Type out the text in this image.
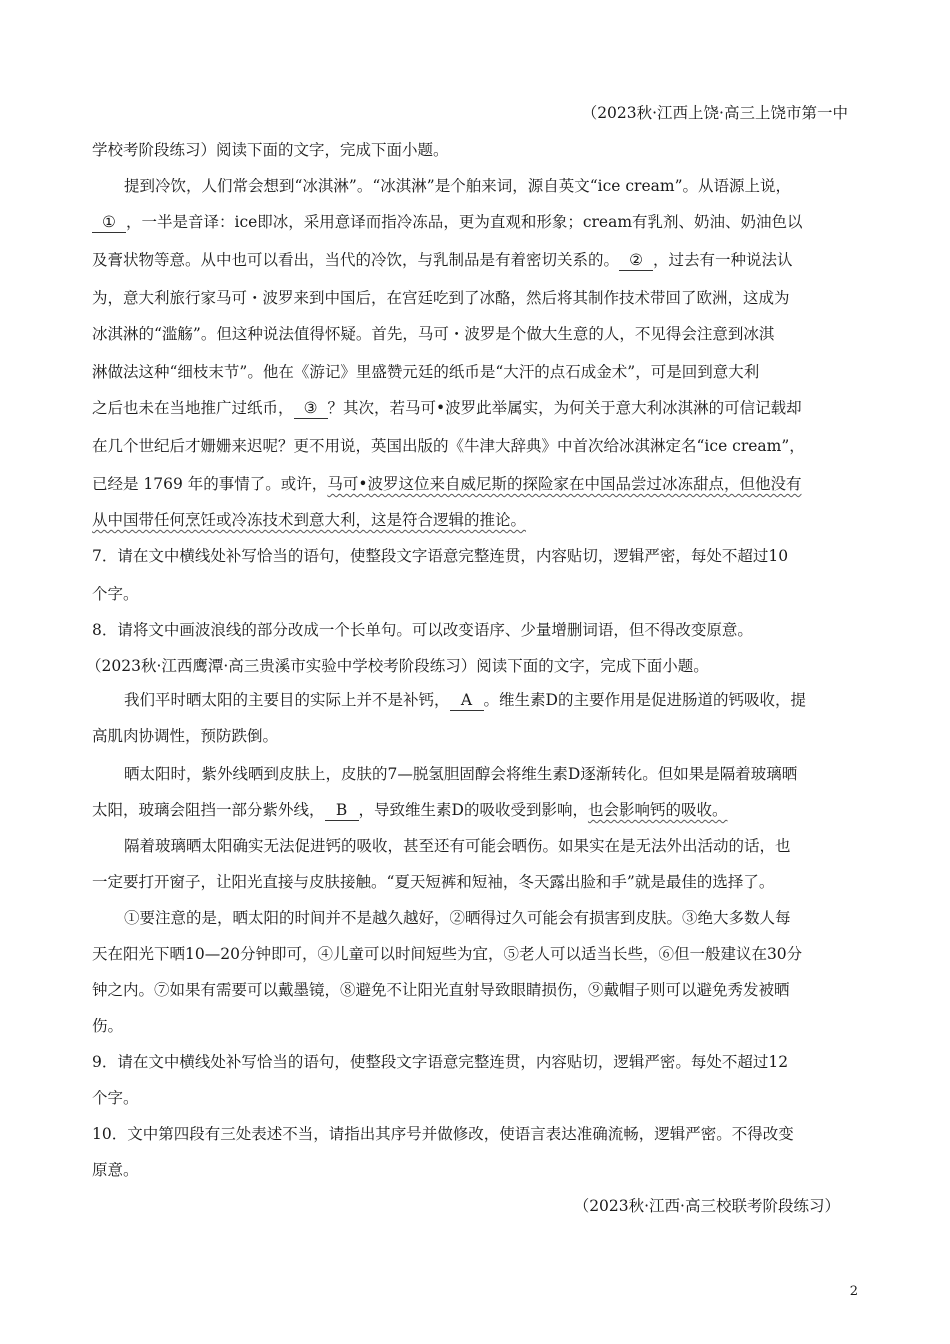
（2023秋·江西上饶·高三上饶市第一中
学校考阶段练习）阅读下面的文字，完成下面小题。
提到冷饮，人们常会想到“冰淇淋”。“冰淇淋”是个舶来词，源自英文“ice cream”。从语源上说，
① ，一半是音译：ice即冰，采用意译而指冷冻品，更为直观和形象；cream有乳剂、奶油、奶油色以
及膏状物等意。从中也可以看出，当代的冷饮，与乳制品是有着密切关系的。 ② ，过去有一种说法认
为，意大利旅行家马可・波罗来到中国后，在宫廷吃到了冰酪，然后将其制作技术带回了欧洲，这成为
冰淇淋的“滥觞”。但这种说法值得怀疑。首先，马可・波罗是个做大生意的人，不见得会注意到冰淇
淋做法这种“细枝末节”。他在《游记》里盛赞元廷的纸币是“大汗的点石成金术”，可是回到意大利
之后也未在当地推广过纸币， ③ ？其次，若马可•波罗此举属实，为何关于意大利冰淇淋的可信记载却
在几个世纪后才姗姗来迟呢？更不用说，英国出版的《牛津大辞典》中首次给冰淇淋定名“ice cream”，
已经是 1769 年的事情了。或许，马可•波罗这位来自威尼斯的探险家在中国品尝过冰冻甜点，但他没有
从中国带任何烹饪或冷冻技术到意大利，这是符合逻辑的推论。
7．请在文中横线处补写恰当的语句，使整段文字语意完整连贯，内容贴切，逻辑严密，每处不超过10
个字。
8．请将文中画波浪线的部分改成一个长单句。可以改变语序、少量增删词语，但不得改变原意。
（2023秋·江西鹰潭·高三贵溪市实验中学校考阶段练习）阅读下面的文字，完成下面小题。
我们平时晒太阳的主要目的实际上并不是补钙， A 。维生素D的主要作用是促进肠道的钙吸收，提
高肌肉协调性，预防跌倒。
晒太阳时，紫外线晒到皮肤上，皮肤的7—脱氢胆固醇会将维生素D逐渐转化。但如果是隔着玻璃晒
太阳，玻璃会阻挡一部分紫外线， B ，导致维生素D的吸收受到影响，也会影响钙的吸收。
隔着玻璃晒太阳确实无法促进钙的吸收，甚至还有可能会晒伤。如果实在是无法外出活动的话，也
一定要打开窗子，让阳光直接与皮肤接触。“夏天短裤和短袖，冬天露出脸和手”就是最佳的选择了。
①要注意的是，晒太阳的时间并不是越久越好，②晒得过久可能会有损害到皮肤。③绝大多数人每
天在阳光下晒10—20分钟即可，④儿童可以时间短些为宜，⑤老人可以适当长些，⑥但一般建议在30分
钟之内。⑦如果有需要可以戴墨镜，⑧避免不让阳光直射导致眼睛损伤，⑨戴帽子则可以避免秀发被晒
伤。
9．请在文中横线处补写恰当的语句，使整段文字语意完整连贯，内容贴切，逻辑严密。每处不超过12
个字。
10．文中第四段有三处表述不当，请指出其序号并做修改，使语言表达准确流畅，逻辑严密。不得改变
原意。
（2023秋·江西·高三校联考阶段练习）
2
